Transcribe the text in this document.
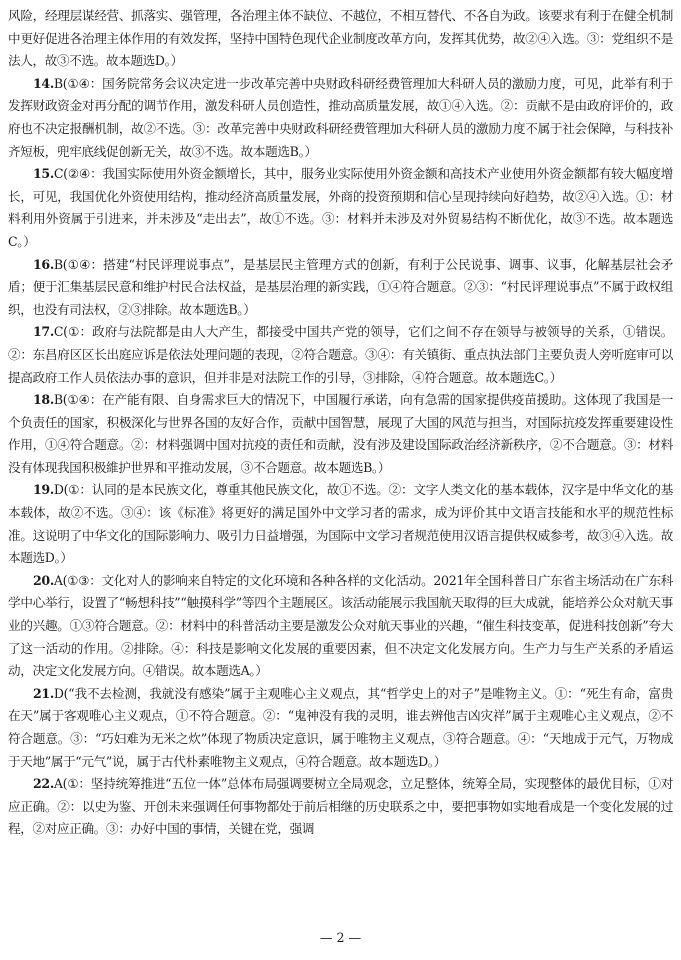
风险，经理层谋经营、抓落实、强管理，各治理主体不缺位、不越位，不相互替代、不各自为政。该要求有利于在健全机制中更好促进各治理主体作用的有效发挥，坚持中国特色现代企业制度改革方向，发挥其优势，故②④入选。③：党组织不是法人，故③不选。故本题选D。）

14.B(①④：国务院常务会议决定进一步改革完善中央财政科研经费管理加大科研人员的激励力度，可见，此举有利于发挥财政资金对再分配的调节作用，激发科研人员创造性，推动高质量发展，故①④入选。②：贡献不是由政府评价的，政府也不决定报酬机制，故②不选。③：改革完善中央财政科研经费管理加大科研人员的激励力度不属于社会保障，与科技补齐短板，兜牢底线促创新无关，故③不选。故本题选B。）

15.C(②④：我国实际使用外资金额增长，其中，服务业实际使用外资金额和高技术产业使用外资金额都有较大幅度增长，可见，我国优化外资使用结构，推动经济高质量发展，外商的投资预期和信心呈现持续向好趋势，故②④入选。①：材料利用外资属于引进来，并未涉及“走出去”，故①不选。③：材料并未涉及对外贸易结构不断优化，故③不选。故本题选C。）

16.B(①④：搭建“村民评理说事点”，是基层民主管理方式的创新，有利于公民说事、调事、议事，化解基层社会矛盾；便于汇集基层民意和维护村民合法权益，是基层治理的新实践，①④符合题意。②③：“村民评理说事点”不属于政权组织，也没有司法权，②③排除。故本题选B。）

17.C(①：政府与法院都是由人大产生，都接受中国共产党的领导，它们之间不存在领导与被领导的关系，①错误。②：东昌府区区长出庭应诉是依法处理问题的表现，②符合题意。③④：有关镇街、重点执法部门主要负责人旁听庭审可以提高政府工作人员依法办事的意识，但并非是对法院工作的引导，③排除，④符合题意。故本题选C。）

18.B(①④：在产能有限、自身需求巨大的情况下，中国履行承诺，向有急需的国家提供疫苗援助。这体现了我国是一个负责任的国家，积极深化与世界各国的友好合作，贡献中国智慧，展现了大国的风范与担当，对国际抗疫发挥重要建设性作用，①④符合题意。②：材料强调中国对抗疫的责任和贡献，没有涉及建设国际政治经济新秩序，②不合题意。③：材料没有体现我国积极維护世界和平推动发展，③不合题意。故本题选B。）

19.D(①：认同的是本民族文化，尊重其他民族文化，故①不选。②：文字人类文化的基本载体，汉字是中华文化的基本载体，故②不选。③④：该《标准》将更好的满足国外中文学习者的需求，成为评价其中文语言技能和水平的规范性标准。这说明了中华文化的国际影响力、吸引力日益增强，为国际中文学习者规范使用汉语言提供权威参考，故③④入选。故本题选D。）

20.A(①③：文化对人的影响来自特定的文化环境和各种各样的文化活动。2021年全国科普日广东省主场活动在广东科学中心举行，设置了“畅想科技”“触摸科学”等四个主题展区。该活动能展示我国航天取得的巨大成就，能培养公众对航天事业的兴趣。①③符合题意。②：材料中的科普活动主要是激发公众对航天事业的兴趣，“催生科技变革，促进科技创新”夸大了这一活动的作用。②排除。④：科技是影响文化发展的重要因素，但不决定文化发展方向。生产力与生产关系的矛盾运动，决定文化发展方向。④错误。故本题选A。）

21.D(“我不去检测，我就没有感染”属于主观唯心主义观点，其“哲学史上的对子”是唯物主义。①：“死生有命，富贵在天”属于客观唯心主义观点，①不符合题意。②：“鬼神没有我的灵明，谁去辨他吉凶灾祥”属于主观唯心主义观点，②不符合题意。③：“巧妇难为无米之炊”体现了物质决定意识，属于唯物主义观点，③符合题意。④：“天地成于元气，万物成于天地”属于“元气”说，属于古代朴素唯物主义观点，④符合题意。故本题选D。）

22.A(①：坚持统筹推进“五位一体”总体布局强调要树立全局观念，立足整体，统筹全局，实现整体的最优目标，①对应正确。②：以史为鉴、开创未来强调任何事物都处于前后相继的历史联系之中，要把事物如实地看成是一个变化发展的过程，②对应正确。③：办好中国的事情，关键在党，强调

— 2 —
